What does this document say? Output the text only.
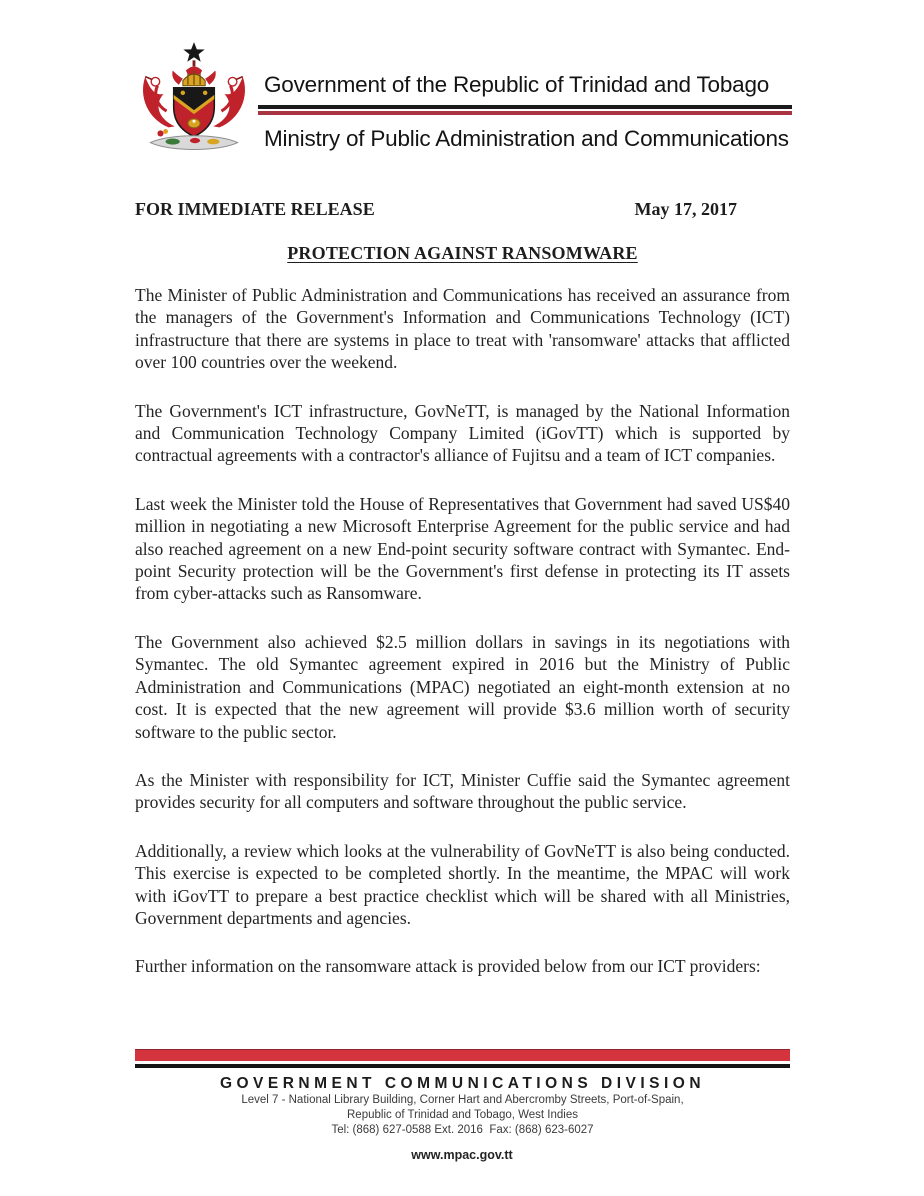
Government of the Republic of Trinidad and Tobago
Ministry of Public Administration and Communications
FOR IMMEDIATE RELEASE	May 17, 2017
PROTECTION AGAINST RANSOMWARE

The Minister of Public Administration and Communications has received an assurance from the managers of the Government's Information and Communications Technology (ICT) infrastructure that there are systems in place to treat with 'ransomware' attacks that afflicted over 100 countries over the weekend.

The Government's ICT infrastructure, GovNeTT, is managed by the National Information and Communication Technology Company Limited (iGovTT) which is supported by contractual agreements with a contractor's alliance of Fujitsu and a team of ICT companies.

Last week the Minister told the House of Representatives that Government had saved US$40 million in negotiating a new Microsoft Enterprise Agreement for the public service and had also reached agreement on a new End-point security software contract with Symantec. End-point Security protection will be the Government's first defense in protecting its IT assets from cyber-attacks such as Ransomware.

The Government also achieved $2.5 million dollars in savings in its negotiations with Symantec. The old Symantec agreement expired in 2016 but the Ministry of Public Administration and Communications (MPAC) negotiated an eight-month extension at no cost. It is expected that the new agreement will provide $3.6 million worth of security software to the public sector.

As the Minister with responsibility for ICT, Minister Cuffie said the Symantec agreement provides security for all computers and software throughout the public service.

Additionally, a review which looks at the vulnerability of GovNeTT is also being conducted. This exercise is expected to be completed shortly. In the meantime, the MPAC will work with iGovTT to prepare a best practice checklist which will be shared with all Ministries, Government departments and agencies.

Further information on the ransomware attack is provided below from our ICT providers:

GOVERNMENT COMMUNICATIONS DIVISION
Level 7 - National Library Building, Corner Hart and Abercromby Streets, Port-of-Spain,
Republic of Trinidad and Tobago, West Indies
Tel: (868) 627-0588 Ext. 2016  Fax: (868) 623-6027
www.mpac.gov.tt
